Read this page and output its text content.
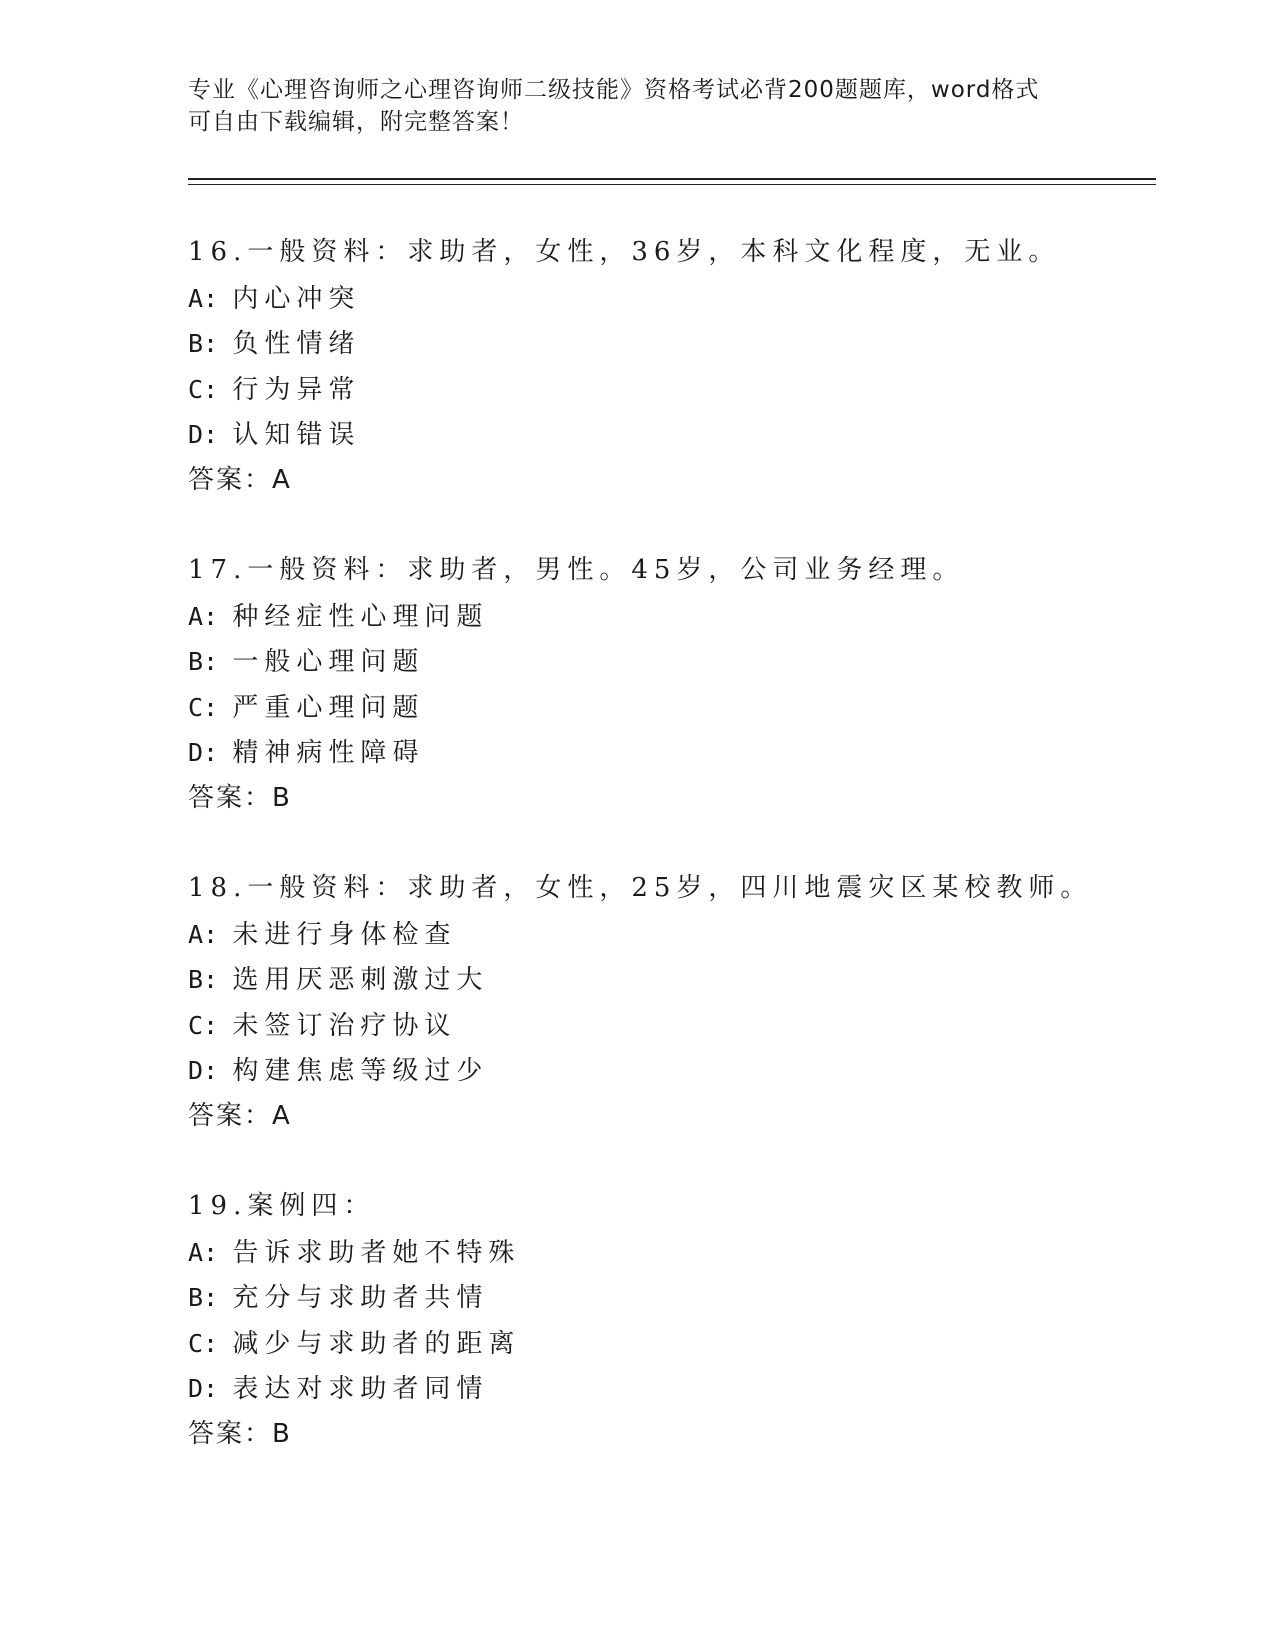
专业《心理咨询师之心理咨询师二级技能》资格考试必背200题题库，word格式
可自由下载编辑，附完整答案！
16.一般资料：求助者，女性，36岁，本科文化程度，无业。
A: 内心冲突
B: 负性情绪
C: 行为异常
D: 认知错误
答案：A
17.一般资料：求助者，男性。45岁，公司业务经理。
A: 种经症性心理问题
B: 一般心理问题
C: 严重心理问题
D: 精神病性障碍
答案：B
18.一般资料：求助者，女性，25岁，四川地震灾区某校教师。
A: 未进行身体检查
B: 选用厌恶刺激过大
C: 未签订治疗协议
D: 构建焦虑等级过少
答案：A
19.案例四：
A: 告诉求助者她不特殊
B: 充分与求助者共情
C: 减少与求助者的距离
D: 表达对求助者同情
答案：B
